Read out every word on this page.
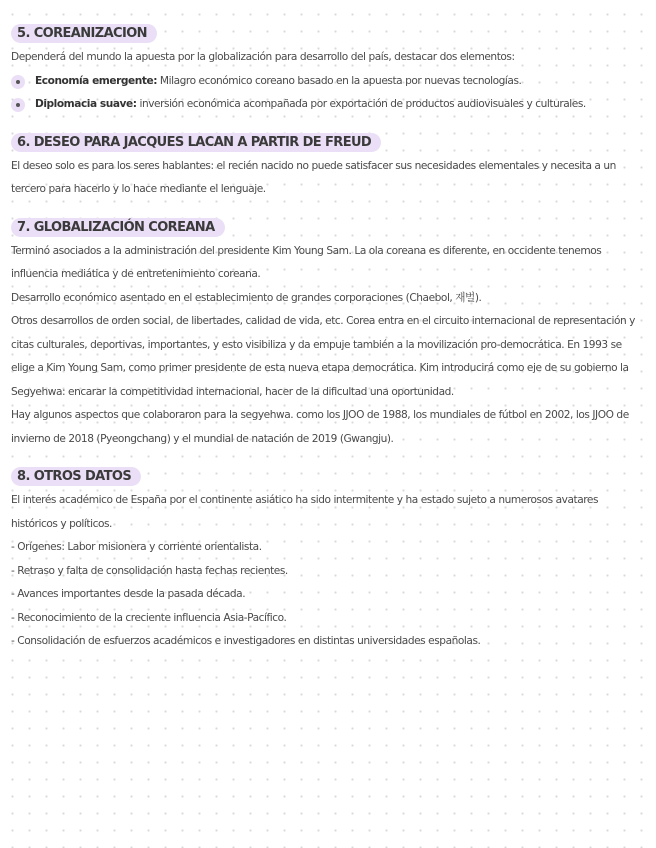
5. COREANIZACION

Dependerá del mundo la apuesta por la globalización para desarrollo del país, destacar dos elementos:

Economía emergente: Milagro económico coreano basado en la apuesta por nuevas tecnologías.
Diplomacia suave: inversión económica acompañada por exportación de productos audiovisuales y culturales.
6. DESEO PARA JACQUES LACAN A PARTIR DE FREUD

El deseo solo es para los seres hablantes: el recién nacido no puede satisfacer sus necesidades elementales y necesita a un tercero para hacerlo y lo hace mediante el lenguaje.

7. GLOBALIZACIÓN COREANA

Terminó asociados a la administración del presidente Kim Young Sam. La ola coreana es diferente, en occidente tenemos influencia mediática y de entretenimiento coreana.

Desarrollo económico asentado en el establecimiento de grandes corporaciones (Chaebol, 재벌).

Otros desarrollos de orden social, de libertades, calidad de vida, etc. Corea entra en el circuito internacional de representación y citas culturales, deportivas, importantes, y esto visibiliza y da empuje también a la movilización pro-democrática. En 1993 se elige a Kim Young Sam, como primer presidente de esta nueva etapa democrática. Kim introducirá como eje de su gobierno la Segyehwa: encarar la competitividad internacional, hacer de la dificultad una oportunidad.

Hay algunos aspectos que colaboraron para la segyehwa. como los JJOO de 1988, los mundiales de fútbol en 2002, los JJOO de invierno de 2018 (Pyeongchang) y el mundial de natación de 2019 (Gwangju).

8. OTROS DATOS

El interés académico de España por el continente asiático ha sido intermitente y ha estado sujeto a numerosos avatares históricos y políticos.

- Orígenes: Labor misionera y corriente orientalista.

- Retraso y falta de consolidación hasta fechas recientes.

- Avances importantes desde la pasada década.

- Reconocimiento de la creciente influencia Asia-Pacífico.

- Consolidación de esfuerzos académicos e investigadores en distintas universidades españolas.
